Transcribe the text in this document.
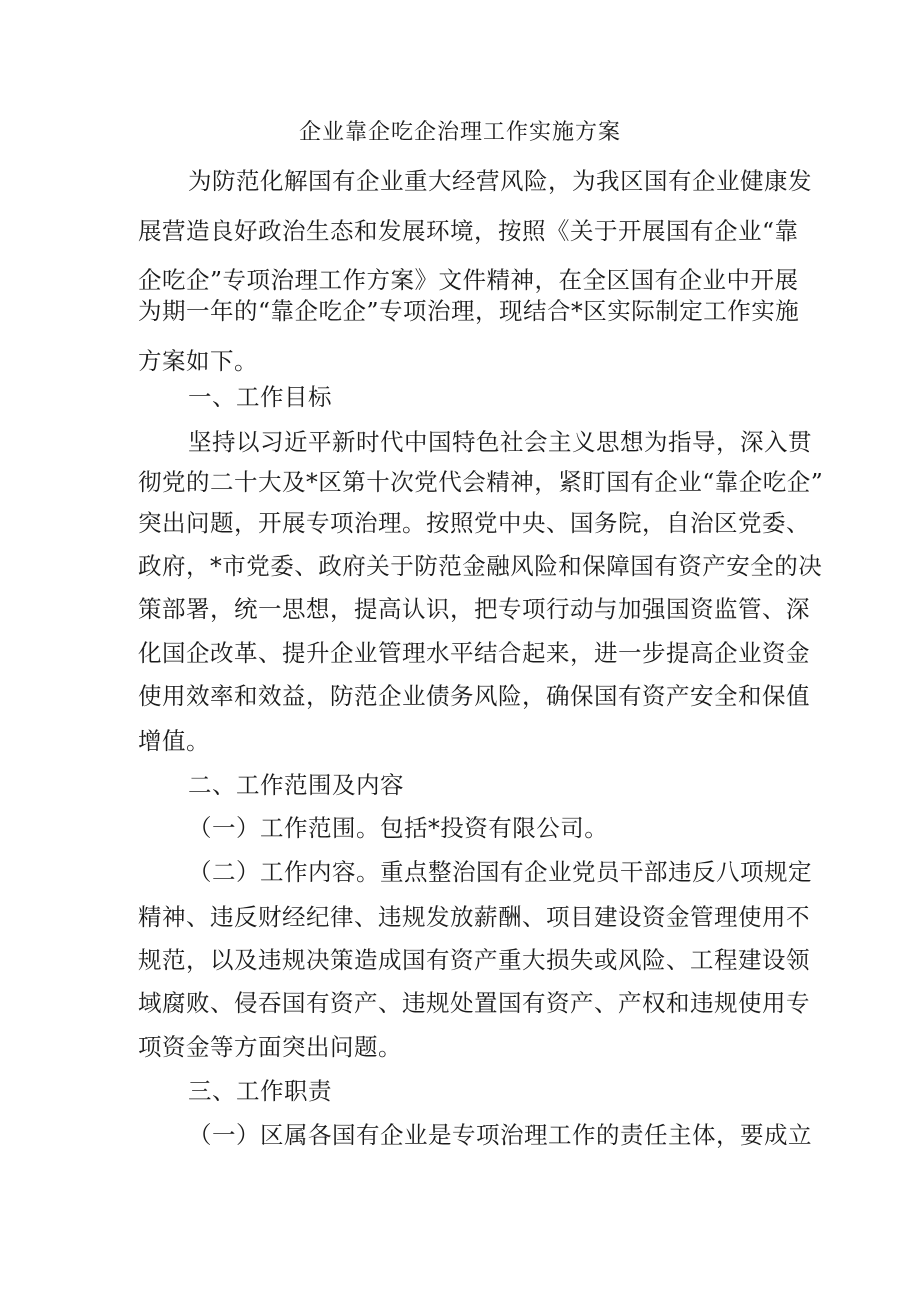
企业靠企吃企治理工作实施方案
为防范化解国有企业重大经营风险，为我区国有企业健康发
展营造良好政治生态和发展环境，按照《关于开展国有企业“靠
企吃企”专项治理工作方案》文件精神，在全区国有企业中开展
为期一年的“靠企吃企”专项治理，现结合*区实际制定工作实施
方案如下。
一、工作目标
坚持以习近平新时代中国特色社会主义思想为指导，深入贯
彻党的二十大及*区第十次党代会精神，紧盯国有企业“靠企吃企”
突出问题，开展专项治理。按照党中央、国务院，自治区党委、
政府，*市党委、政府关于防范金融风险和保障国有资产安全的决
策部署，统一思想，提高认识，把专项行动与加强国资监管、深
化国企改革、提升企业管理水平结合起来，进一步提高企业资金
使用效率和效益，防范企业债务风险，确保国有资产安全和保值
增值。
二、工作范围及内容
（一）工作范围。包括*投资有限公司。
（二）工作内容。重点整治国有企业党员干部违反八项规定
精神、违反财经纪律、违规发放薪酬、项目建设资金管理使用不
规范，以及违规决策造成国有资产重大损失或风险、工程建设领
域腐败、侵吞国有资产、违规处置国有资产、产权和违规使用专
项资金等方面突出问题。
三、工作职责
（一）区属各国有企业是专项治理工作的责任主体，要成立
